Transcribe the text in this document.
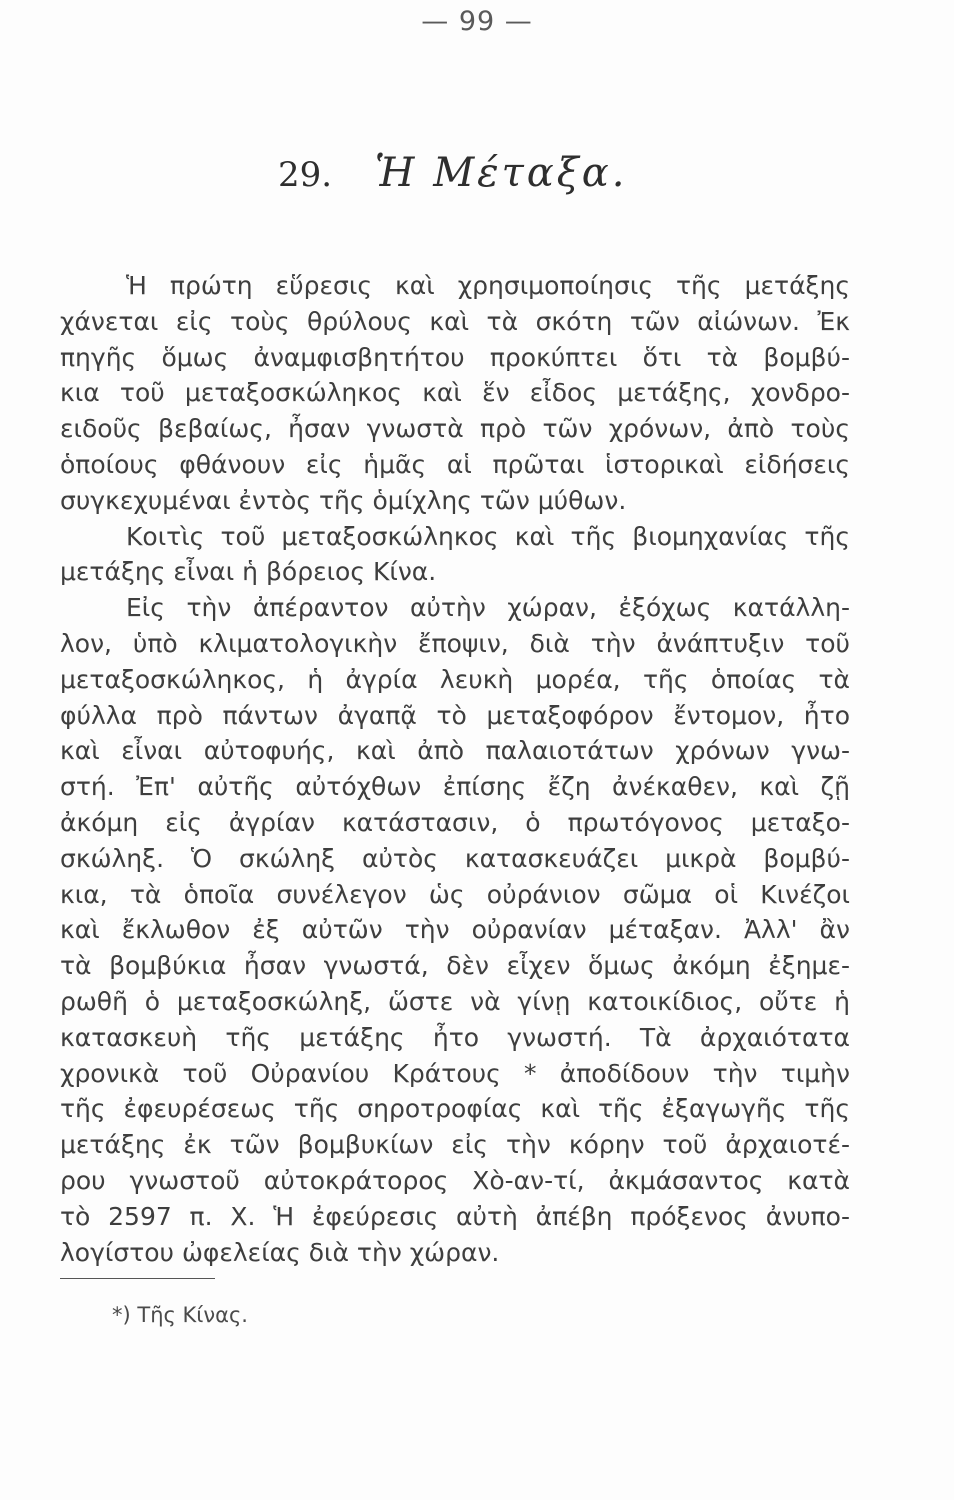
— 99 —
29. Ἡ Μέταξα.
Ἡ πρώτη εὕρεσις καὶ χρησιμοποίησις τῆς μετάξης
χάνεται εἰς τοὺς θρύλους καὶ τὰ σκότη τῶν αἰώνων. Ἐκ
πηγῆς ὅμως ἀναμφισβητήτου προκύπτει ὅτι τὰ βομβύ-
κια τοῦ μεταξοσκώληκος καὶ ἕν εἶδος μετάξης, χονδρο-
ειδοῦς βεβαίως, ἦσαν γνωστὰ πρὸ τῶν χρόνων, ἀπὸ τοὺς
ὁποίους φθάνουν εἰς ἡμᾶς αἱ πρῶται ἱστορικαὶ εἰδήσεις
συγκεχυμέναι ἐντὸς τῆς ὁμίχλης τῶν μύθων.
Κοιτὶς τοῦ μεταξοσκώληκος καὶ τῆς βιομηχανίας τῆς
μετάξης εἶναι ἡ βόρειος Κίνα.
Εἰς τὴν ἀπέραντον αὐτὴν χώραν, ἐξόχως κατάλλη-
λον, ὑπὸ κλιματολογικὴν ἔποψιν, διὰ τὴν ἀνάπτυξιν τοῦ
μεταξοσκώληκος, ἡ ἀγρία λευκὴ μορέα, τῆς ὁποίας τὰ
φύλλα πρὸ πάντων ἀγαπᾷ τὸ μεταξοφόρον ἔντομον, ἦτο
καὶ εἶναι αὐτοφυής, καὶ ἀπὸ παλαιοτάτων χρόνων γνω-
στή. Ἐπ' αὐτῆς αὐτόχθων ἐπίσης ἔζη ἀνέκαθεν, καὶ ζῇ
ἀκόμη εἰς ἀγρίαν κατάστασιν, ὁ πρωτόγονος μεταξο-
σκώληξ. Ὁ σκώληξ αὐτὸς κατασκευάζει μικρὰ βομβύ-
κια, τὰ ὁποῖα συνέλεγον ὡς οὐράνιον σῶμα οἱ Κινέζοι
καὶ ἔκλωθον ἐξ αὐτῶν τὴν οὐρανίαν μέταξαν. Ἀλλ' ἂν
τὰ βομβύκια ἦσαν γνωστά, δὲν εἶχεν ὅμως ἀκόμη ἐξημε-
ρωθῆ ὁ μεταξοσκώληξ, ὥστε νὰ γίνῃ κατοικίδιος, οὔτε ἡ
κατασκευὴ τῆς μετάξης ἦτο γνωστή. Τὰ ἀρχαιότατα
χρονικὰ τοῦ Οὐρανίου Κράτους * ἀποδίδουν τὴν τιμὴν
τῆς ἐφευρέσεως τῆς σηροτροφίας καὶ τῆς ἐξαγωγῆς τῆς
μετάξης ἐκ τῶν βομβυκίων εἰς τὴν κόρην τοῦ ἀρχαιοτέ-
ρου γνωστοῦ αὐτοκράτορος Χὸ-αν-τί, ἀκμάσαντος κατὰ
τὸ 2597 π. Χ. Ἡ ἐφεύρεσις αὐτὴ ἀπέβη πρόξενος ἀνυπο-
λογίστου ὠφελείας διὰ τὴν χώραν.
*) Τῆς Κίνας.
